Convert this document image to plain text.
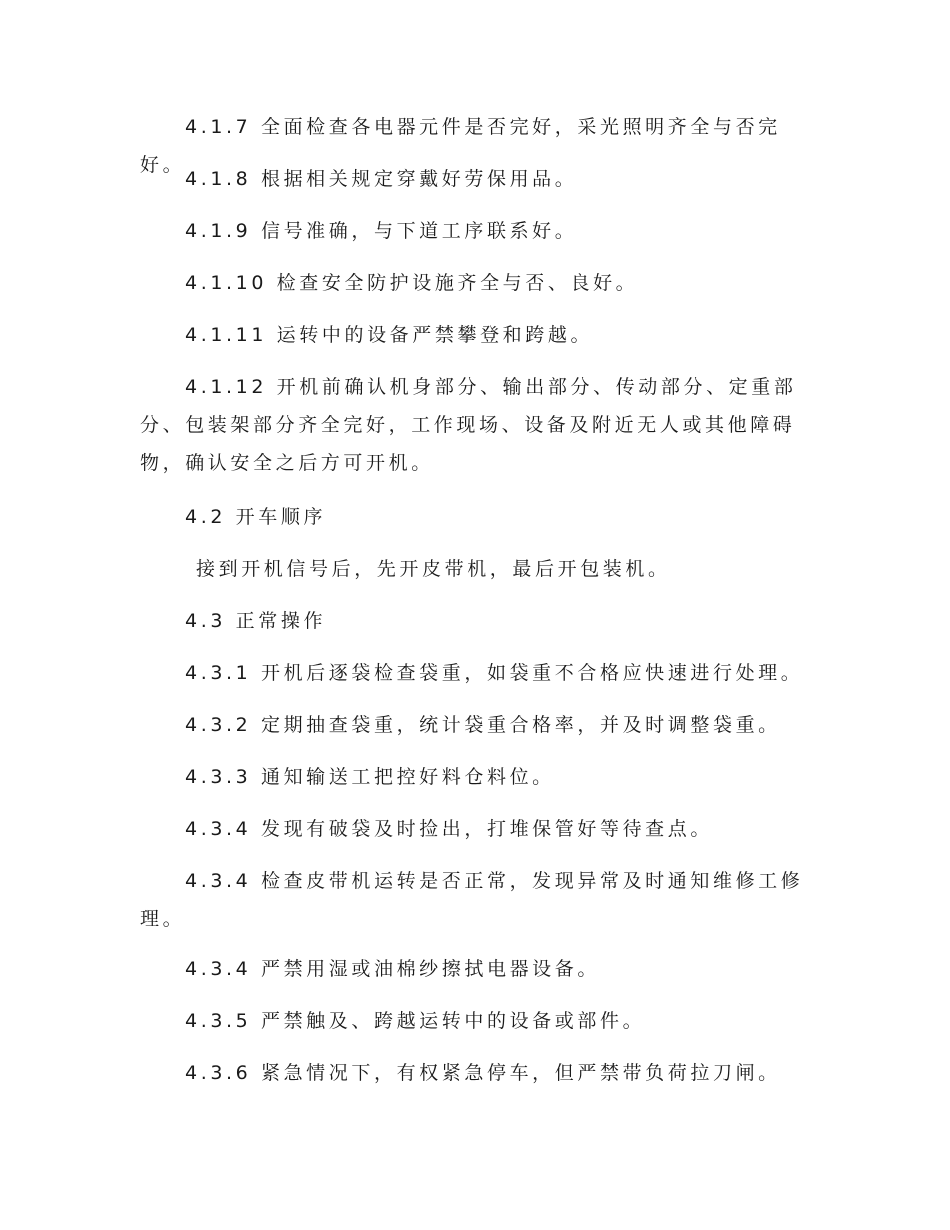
4.1.7 全面检查各电器元件是否完好，采光照明齐全与否完好。

4.1.8 根据相关规定穿戴好劳保用品。

4.1.9 信号准确，与下道工序联系好。

4.1.10 检查安全防护设施齐全与否、良好。

4.1.11 运转中的设备严禁攀登和跨越。

4.1.12 开机前确认机身部分、输出部分、传动部分、定重部分、包装架部分齐全完好，工作现场、设备及附近无人或其他障碍物，确认安全之后方可开机。

4.2 开车顺序

接到开机信号后，先开皮带机，最后开包装机。

4.3 正常操作

4.3.1 开机后逐袋检查袋重，如袋重不合格应快速进行处理。

4.3.2 定期抽查袋重，统计袋重合格率，并及时调整袋重。

4.3.3 通知输送工把控好料仓料位。

4.3.4 发现有破袋及时捡出，打堆保管好等待查点。

4.3.4 检查皮带机运转是否正常，发现异常及时通知维修工修理。

4.3.4 严禁用湿或油棉纱擦拭电器设备。

4.3.5 严禁触及、跨越运转中的设备或部件。

4.3.6 紧急情况下，有权紧急停车，但严禁带负荷拉刀闸。
